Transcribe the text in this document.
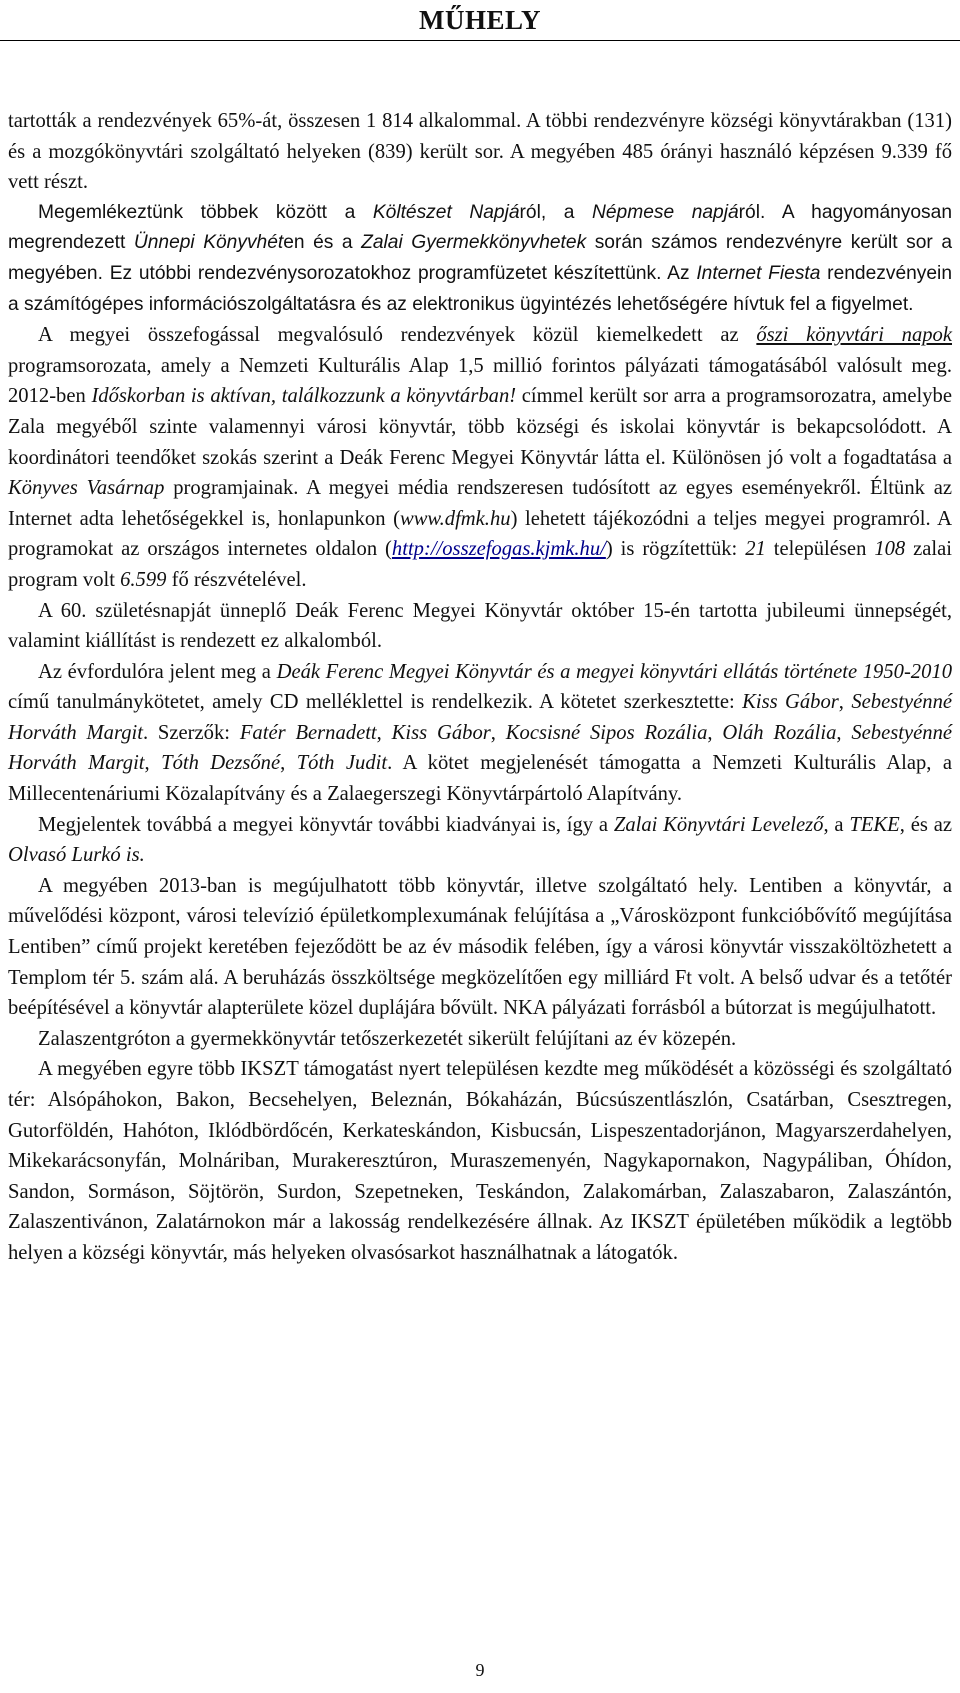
MŰHELY

tartották a rendezvények 65%-át, összesen 1 814 alkalommal. A többi rendezvényre községi könyvtárakban (131) és a mozgókönyvtári szolgáltató helyeken (839) került sor. A megyében 485 órányi használó képzésen 9.339 fő vett részt.

Megemlékeztünk többek között a Költészet Napjáról, a Népmese napjáról. A hagyományosan megrendezett Ünnepi Könyvhéten és a Zalai Gyermekkönyvhetek során számos rendezvényre került sor a megyében. Ez utóbbi rendezvénysorozatokhoz programfüzetet készítettünk. Az Internet Fiesta rendezvényein a számítógépes információszolgáltatásra és az elektronikus ügyintézés lehetőségére hívtuk fel a figyelmet.

A megyei összefogással megvalósuló rendezvények közül kiemelkedett az őszi könyvtári napok programsorozata, amely a Nemzeti Kulturális Alap 1,5 millió forintos pályázati támogatásából valósult meg. 2012-ben Időskorban is aktívan, találkozzunk a könyvtárban! címmel került sor arra a programsorozatra, amelybe Zala megyéből szinte valamennyi városi könyvtár, több községi és iskolai könyvtár is bekapcsolódott. A koordinátori teendőket szokás szerint a Deák Ferenc Megyei Könyvtár látta el. Különösen jó volt a fogadtatása a Könyves Vasárnap programjainak. A megyei média rendszeresen tudósított az egyes eseményekről. Éltünk az Internet adta lehetőségekkel is, honlapunkon (www.dfmk.hu) lehetett tájékozódni a teljes megyei programról. A programokat az országos internetes oldalon (http://osszefogas.kjmk.hu/) is rögzítettük: 21 településen 108 zalai program volt 6.599 fő részvételével.

A 60. születésnapját ünneplő Deák Ferenc Megyei Könyvtár október 15-én tartotta jubileumi ünnepségét, valamint kiállítást is rendezett ez alkalomból.

Az évfordulóra jelent meg a Deák Ferenc Megyei Könyvtár és a megyei könyvtári ellátás története 1950-2010 című tanulmánykötetet, amely CD melléklettel is rendelkezik. A kötetet szerkesztette: Kiss Gábor, Sebestyénné Horváth Margit. Szerzők: Fatér Bernadett, Kiss Gábor, Kocsisné Sipos Rozália, Oláh Rozália, Sebestyénné Horváth Margit, Tóth Dezsőné, Tóth Judit. A kötet megjelenését támogatta a Nemzeti Kulturális Alap, a Millecentenáriumi Közalapítvány és a Zalaegerszegi Könyvtárpártoló Alapítvány.

Megjelentek továbbá a megyei könyvtár további kiadványai is, így a Zalai Könyvtári Levelező, a TEKE, és az Olvasó Lurkó is.

A megyében 2013-ban is megújulhatott több könyvtár, illetve szolgáltató hely. Lentiben a könyvtár, a művelődési központ, városi televízió épületkomplexumának felújítása a „Városközpont funkcióbővítő megújítása Lentiben” című projekt keretében fejeződött be az év második felében, így a városi könyvtár visszaköltözhetett a Templom tér 5. szám alá. A beruházás összköltsége megközelítően egy milliárd Ft volt. A belső udvar és a tetőtér beépítésével a könyvtár alapterülete közel duplájára bővült. NKA pályázati forrásból a bútorzat is megújulhatott.

Zalaszentgróton a gyermekkönyvtár tetőszerkezetét sikerült felújítani az év közepén.

A megyében egyre több IKSZT támogatást nyert településen kezdte meg működését a közösségi és szolgáltató tér: Alsópáhokon, Bakon, Becsehelyen, Beleznán, Bókaházán, Búcsúszentlászlón, Csatárban, Csesztregen, Gutorföldén, Hahóton, Iklódbördőcén, Kerkateskándon, Kisbucsán, Lispeszentadorjánon, Magyarszerdahelyen, Mikekarácsonyfán, Molnáriban, Murakeresztúron, Muraszemenyén, Nagykapornakon, Nagypáliban, Óhídon, Sandon, Sormáson, Söjtörön, Surdon, Szepetneken, Teskándon, Zalakomárban, Zalaszabaron, Zalaszántón, Zalaszentivánon, Zalatárnokon már a lakosság rendelkezésére állnak. Az IKSZT épületében működik a legtöbb helyen a községi könyvtár, más helyeken olvasósarkot használhatnak a látogatók.

9
